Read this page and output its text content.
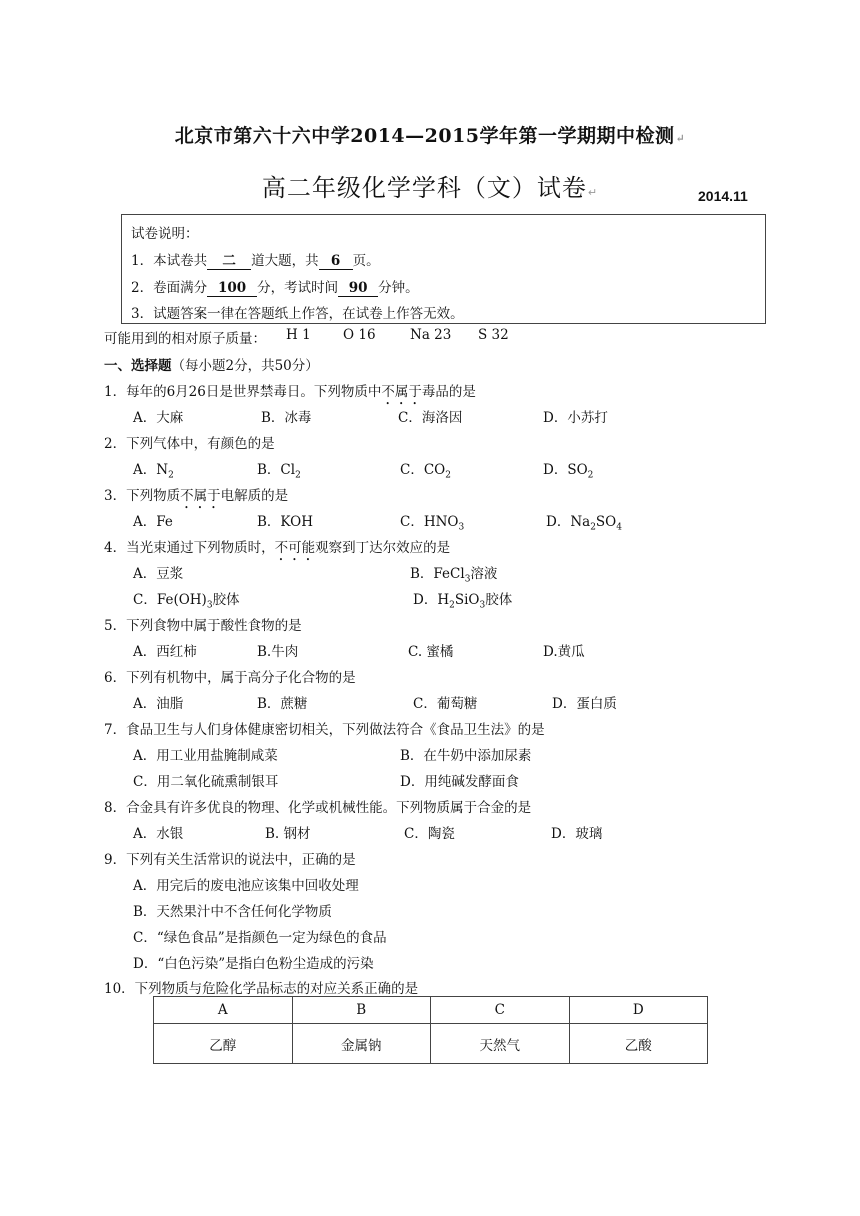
北京市第六十六中学2014—2015学年第一学期期中检测↵
高二年级化学学科（文）试卷↵	2014.11
试卷说明：
1．本试卷共 二 道大题，共 6 页。
2．卷面满分 100 分，考试时间 90 分钟。
3．试题答案一律在答题纸上作答，在试卷上作答无效。
可能用到的相对原子质量： H 1 O 16	Na 23 S 32
一、选择题（每小题2分，共50分）
1．每年的6月26日是世界禁毒日。下列物质中不属于毒品的是
A．大麻	B．冰毒	C．海洛因	D．小苏打
2．下列气体中，有颜色的是
A．$N_2$	B．$Cl_2$	C．$CO_2$	D．$SO_2$
3．下列物质不属于电解质的是
A．Fe	B．KOH	C．$HNO_3$	D．$Na_2SO_4$
4．当光束通过下列物质时，不可能观察到丁达尔效应的是
A．豆浆	B．FeCl$_3$溶液
C．$Fe(OH)_3$胶体	D．$H_2SiO_3$胶体
5．下列食物中属于酸性食物的是
A．西红柿	B.牛肉	C. 蜜橘	D.黄瓜
6．下列有机物中，属于高分子化合物的是
A．油脂	B．蔗糖	C．葡萄糖	D．蛋白质
7．食品卫生与人们身体健康密切相关，下列做法符合《食品卫生法》的是
A．用工业用盐腌制咸菜	B．在牛奶中添加尿素
C．用二氧化硫熏制银耳	D．用纯碱发酵面食
8．合金具有许多优良的物理、化学或机械性能。下列物质属于合金的是
A．水银	B. 钢材	C．陶瓷	D．玻璃
9．下列有关生活常识的说法中，正确的是
A．用完后的废电池应该集中回收处理
B．天然果汁中不含任何化学物质
C．“绿色食品”是指颜色一定为绿色的食品
D．“白色污染”是指白色粉尘造成的污染
10．下列物质与危险化学品标志的对应关系正确的是
A	B	C	D
乙醇	金属钠	天然气	乙酸
